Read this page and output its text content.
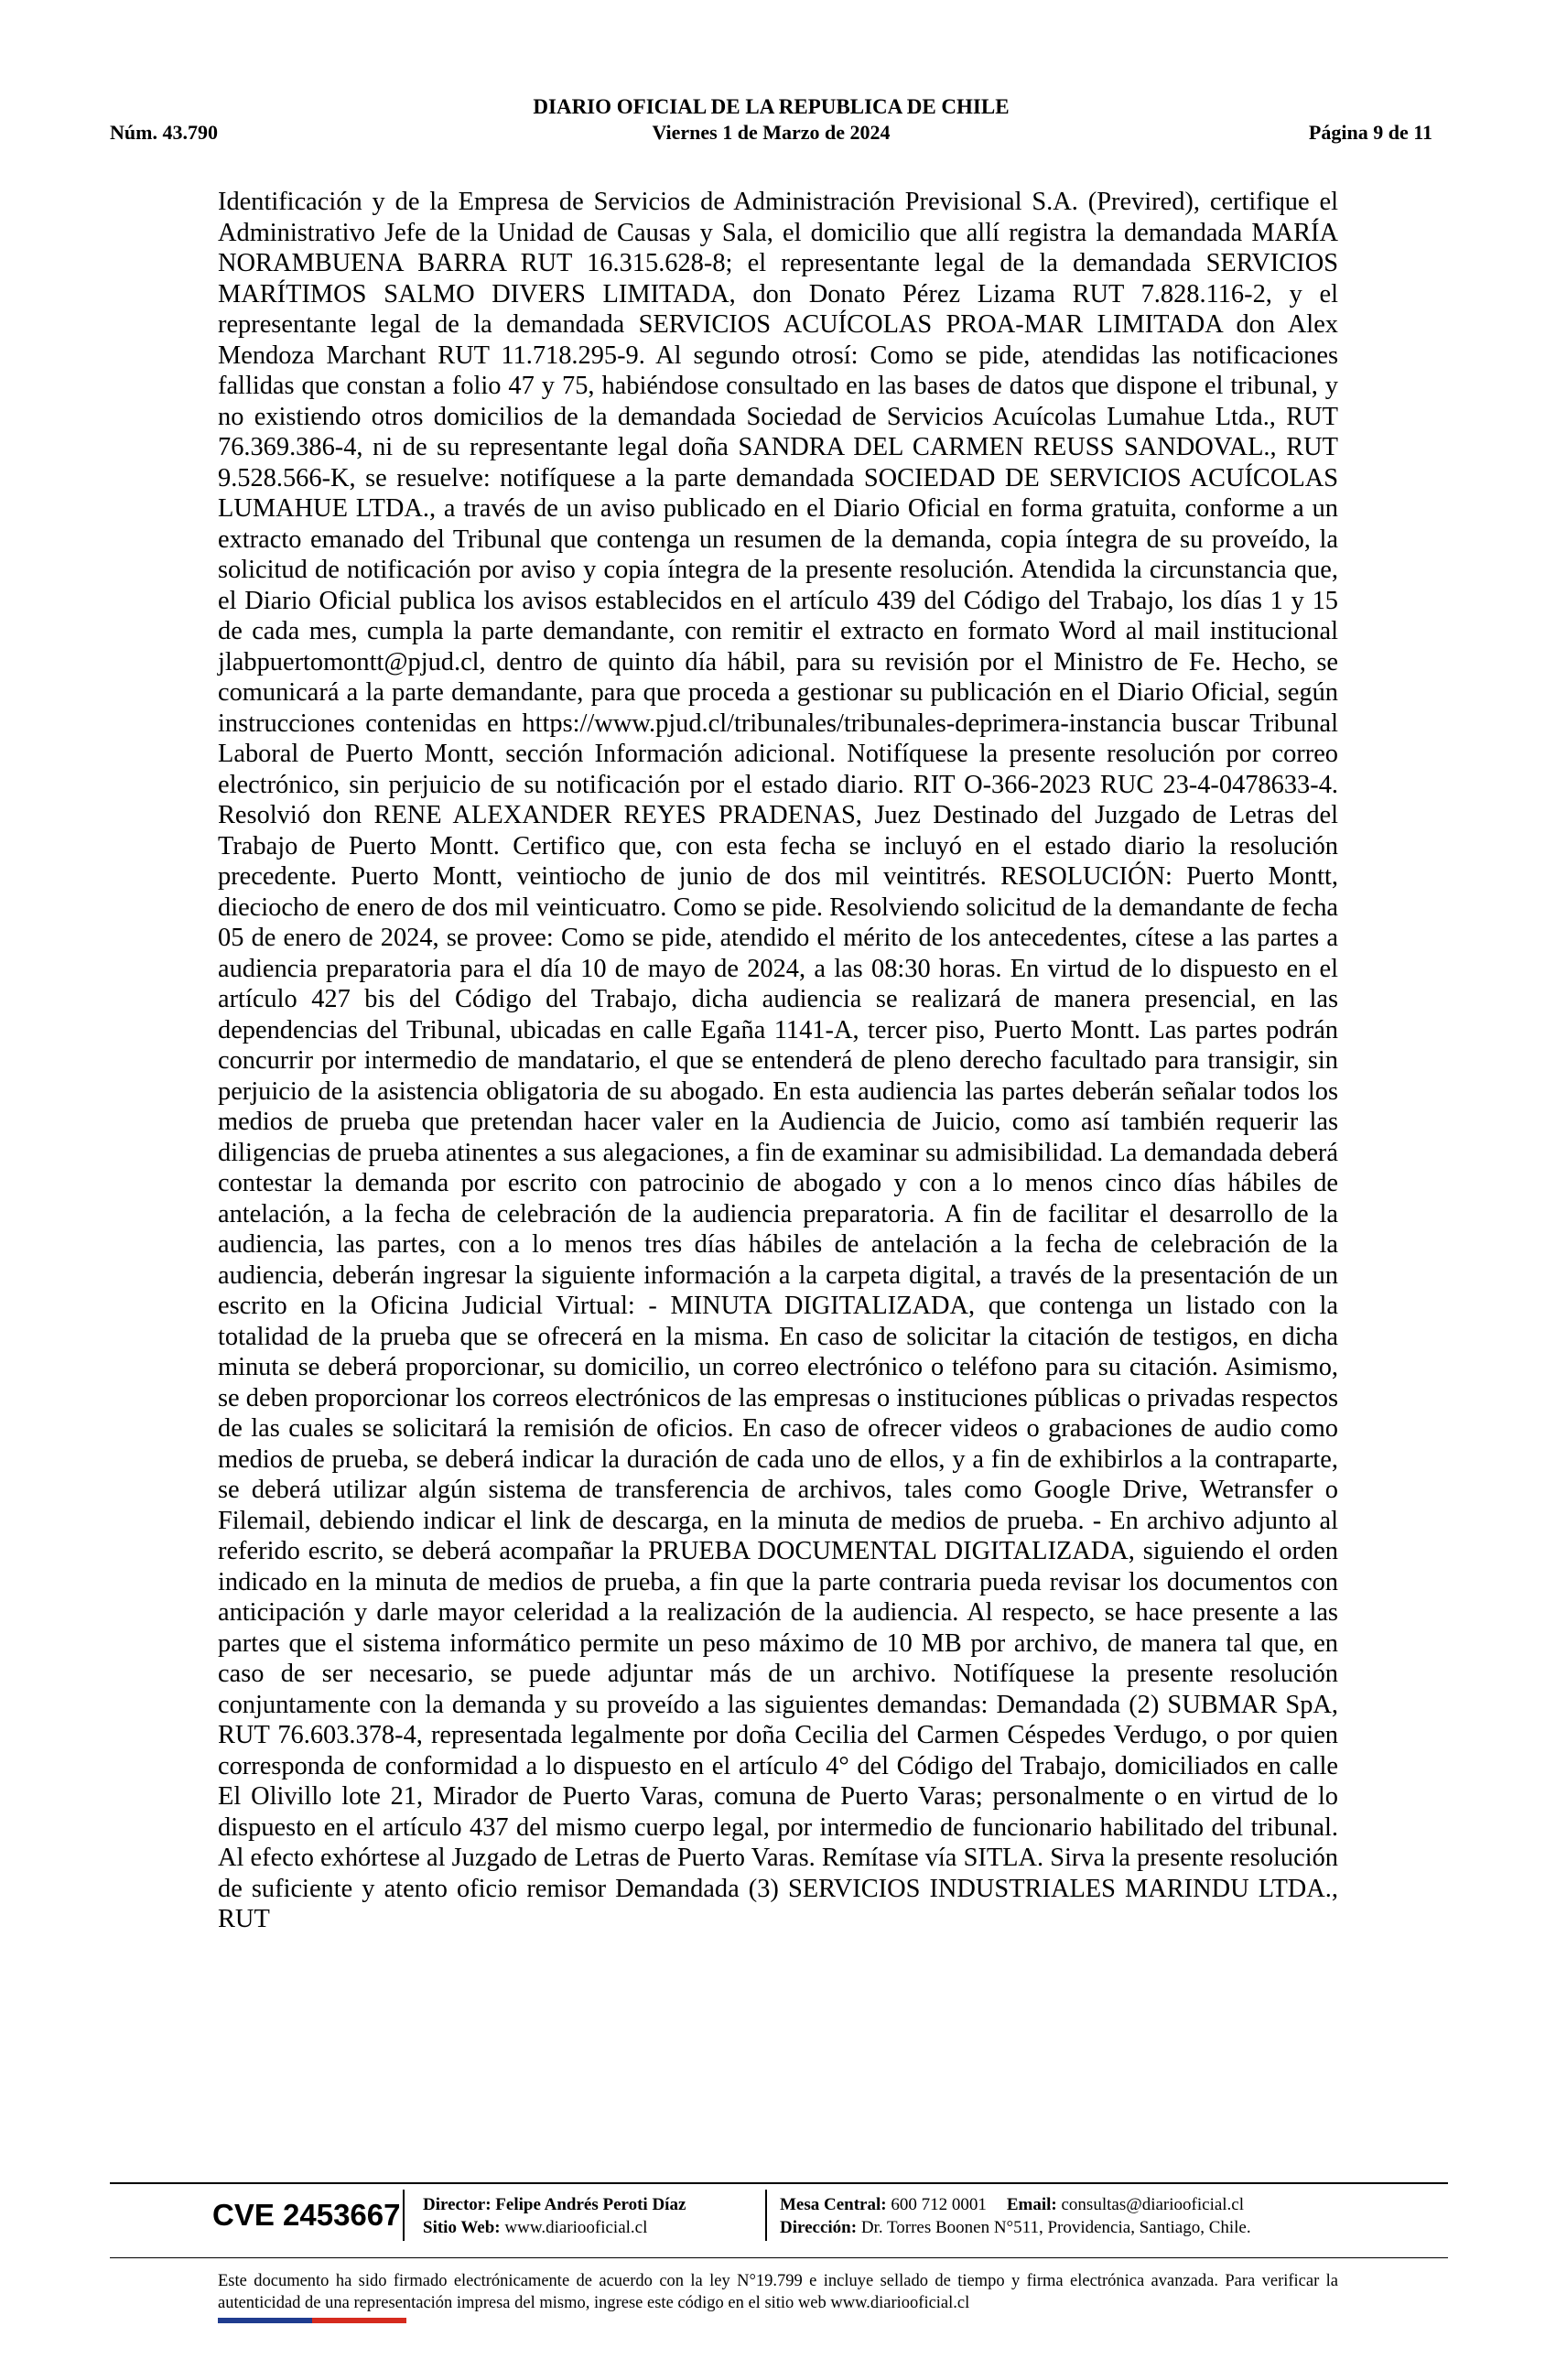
DIARIO OFICIAL DE LA REPUBLICA DE CHILE
Núm. 43.790	Viernes 1 de Marzo de 2024	Página 9 de 11

Identificación y de la Empresa de Servicios de Administración Previsional S.A. (Previred), certifique el Administrativo Jefe de la Unidad de Causas y Sala, el domicilio que allí registra la demandada MARÍA NORAMBUENA BARRA RUT 16.315.628-8; el representante legal de la demandada SERVICIOS MARÍTIMOS SALMO DIVERS LIMITADA, don Donato Pérez Lizama RUT 7.828.116-2, y el representante legal de la demandada SERVICIOS ACUÍCOLAS PROA-MAR LIMITADA don Alex Mendoza Marchant RUT 11.718.295-9. Al segundo otrosí: Como se pide, atendidas las notificaciones fallidas que constan a folio 47 y 75, habiéndose consultado en las bases de datos que dispone el tribunal, y no existiendo otros domicilios de la demandada Sociedad de Servicios Acuícolas Lumahue Ltda., RUT 76.369.386-4, ni de su representante legal doña SANDRA DEL CARMEN REUSS SANDOVAL., RUT 9.528.566-K, se resuelve: notifíquese a la parte demandada SOCIEDAD DE SERVICIOS ACUÍCOLAS LUMAHUE LTDA., a través de un aviso publicado en el Diario Oficial en forma gratuita, conforme a un extracto emanado del Tribunal que contenga un resumen de la demanda, copia íntegra de su proveído, la solicitud de notificación por aviso y copia íntegra de la presente resolución. Atendida la circunstancia que, el Diario Oficial publica los avisos establecidos en el artículo 439 del Código del Trabajo, los días 1 y 15 de cada mes, cumpla la parte demandante, con remitir el extracto en formato Word al mail institucional jlabpuertomontt@pjud.cl, dentro de quinto día hábil, para su revisión por el Ministro de Fe. Hecho, se comunicará a la parte demandante, para que proceda a gestionar su publicación en el Diario Oficial, según instrucciones contenidas en https://www.pjud.cl/tribunales/tribunales-deprimera-instancia buscar Tribunal Laboral de Puerto Montt, sección Información adicional. Notifíquese la presente resolución por correo electrónico, sin perjuicio de su notificación por el estado diario. RIT O-366-2023 RUC 23-4-0478633-4. Resolvió don RENE ALEXANDER REYES PRADENAS, Juez Destinado del Juzgado de Letras del Trabajo de Puerto Montt. Certifico que, con esta fecha se incluyó en el estado diario la resolución precedente. Puerto Montt, veintiocho de junio de dos mil veintitrés. RESOLUCIÓN: Puerto Montt, dieciocho de enero de dos mil veinticuatro. Como se pide. Resolviendo solicitud de la demandante de fecha 05 de enero de 2024, se provee: Como se pide, atendido el mérito de los antecedentes, cítese a las partes a audiencia preparatoria para el día 10 de mayo de 2024, a las 08:30 horas. En virtud de lo dispuesto en el artículo 427 bis del Código del Trabajo, dicha audiencia se realizará de manera presencial, en las dependencias del Tribunal, ubicadas en calle Egaña 1141-A, tercer piso, Puerto Montt. Las partes podrán concurrir por intermedio de mandatario, el que se entenderá de pleno derecho facultado para transigir, sin perjuicio de la asistencia obligatoria de su abogado. En esta audiencia las partes deberán señalar todos los medios de prueba que pretendan hacer valer en la Audiencia de Juicio, como así también requerir las diligencias de prueba atinentes a sus alegaciones, a fin de examinar su admisibilidad. La demandada deberá contestar la demanda por escrito con patrocinio de abogado y con a lo menos cinco días hábiles de antelación, a la fecha de celebración de la audiencia preparatoria. A fin de facilitar el desarrollo de la audiencia, las partes, con a lo menos tres días hábiles de antelación a la fecha de celebración de la audiencia, deberán ingresar la siguiente información a la carpeta digital, a través de la presentación de un escrito en la Oficina Judicial Virtual: - MINUTA DIGITALIZADA, que contenga un listado con la totalidad de la prueba que se ofrecerá en la misma. En caso de solicitar la citación de testigos, en dicha minuta se deberá proporcionar, su domicilio, un correo electrónico o teléfono para su citación. Asimismo, se deben proporcionar los correos electrónicos de las empresas o instituciones públicas o privadas respectos de las cuales se solicitará la remisión de oficios. En caso de ofrecer videos o grabaciones de audio como medios de prueba, se deberá indicar la duración de cada uno de ellos, y a fin de exhibirlos a la contraparte, se deberá utilizar algún sistema de transferencia de archivos, tales como Google Drive, Wetransfer o Filemail, debiendo indicar el link de descarga, en la minuta de medios de prueba. - En archivo adjunto al referido escrito, se deberá acompañar la PRUEBA DOCUMENTAL DIGITALIZADA, siguiendo el orden indicado en la minuta de medios de prueba, a fin que la parte contraria pueda revisar los documentos con anticipación y darle mayor celeridad a la realización de la audiencia. Al respecto, se hace presente a las partes que el sistema informático permite un peso máximo de 10 MB por archivo, de manera tal que, en caso de ser necesario, se puede adjuntar más de un archivo. Notifíquese la presente resolución conjuntamente con la demanda y su proveído a las siguientes demandas: Demandada (2) SUBMAR SpA, RUT 76.603.378-4, representada legalmente por doña Cecilia del Carmen Céspedes Verdugo, o por quien corresponda de conformidad a lo dispuesto en el artículo 4° del Código del Trabajo, domiciliados en calle El Olivillo lote 21, Mirador de Puerto Varas, comuna de Puerto Varas; personalmente o en virtud de lo dispuesto en el artículo 437 del mismo cuerpo legal, por intermedio de funcionario habilitado del tribunal. Al efecto exhórtese al Juzgado de Letras de Puerto Varas. Remítase vía SITLA. Sirva la presente resolución de suficiente y atento oficio remisor Demandada (3) SERVICIOS INDUSTRIALES MARINDU LTDA., RUT

CVE 2453667 Director: Felipe Andrés Peroti Díaz
Sitio Web: www.diariooficial.cl
Mesa Central: 600 712 0001 Email: consultas@diariooficial.cl
Dirección: Dr. Torres Boonen N°511, Providencia, Santiago, Chile.

Este documento ha sido firmado electrónicamente de acuerdo con la ley N°19.799 e incluye sellado de tiempo y firma electrónica avanzada. Para verificar la autenticidad de una representación impresa del mismo, ingrese este código en el sitio web www.diariooficial.cl
